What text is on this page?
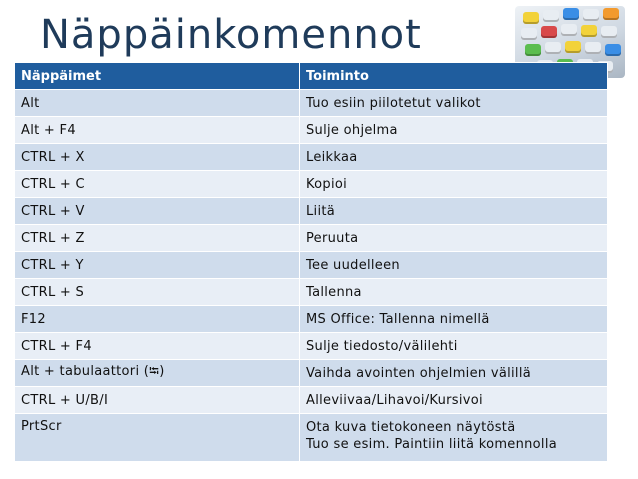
Näppäinkomennot
Näppäimet	Toiminto
Alt	Tuo esiin piilotetut valikot
Alt + F4	Sulje ohjelma
CTRL + X	Leikkaa
CTRL + C	Kopioi
CTRL + V	Liitä
CTRL + Z	Peruuta
CTRL + Y	Tee uudelleen
CTRL + S	Tallenna
F12	MS Office: Tallenna nimellä
CTRL + F4	Sulje tiedosto/välilehti
Alt + tabulaattori (⭾)	Vaihda avointen ohjelmien välillä
CTRL + U/B/I	Alleviivaa/Lihavoi/Kursivoi
PrtScr	Ota kuva tietokoneen näytöstä
Tuo se esim. Paintiin liitä komennolla
